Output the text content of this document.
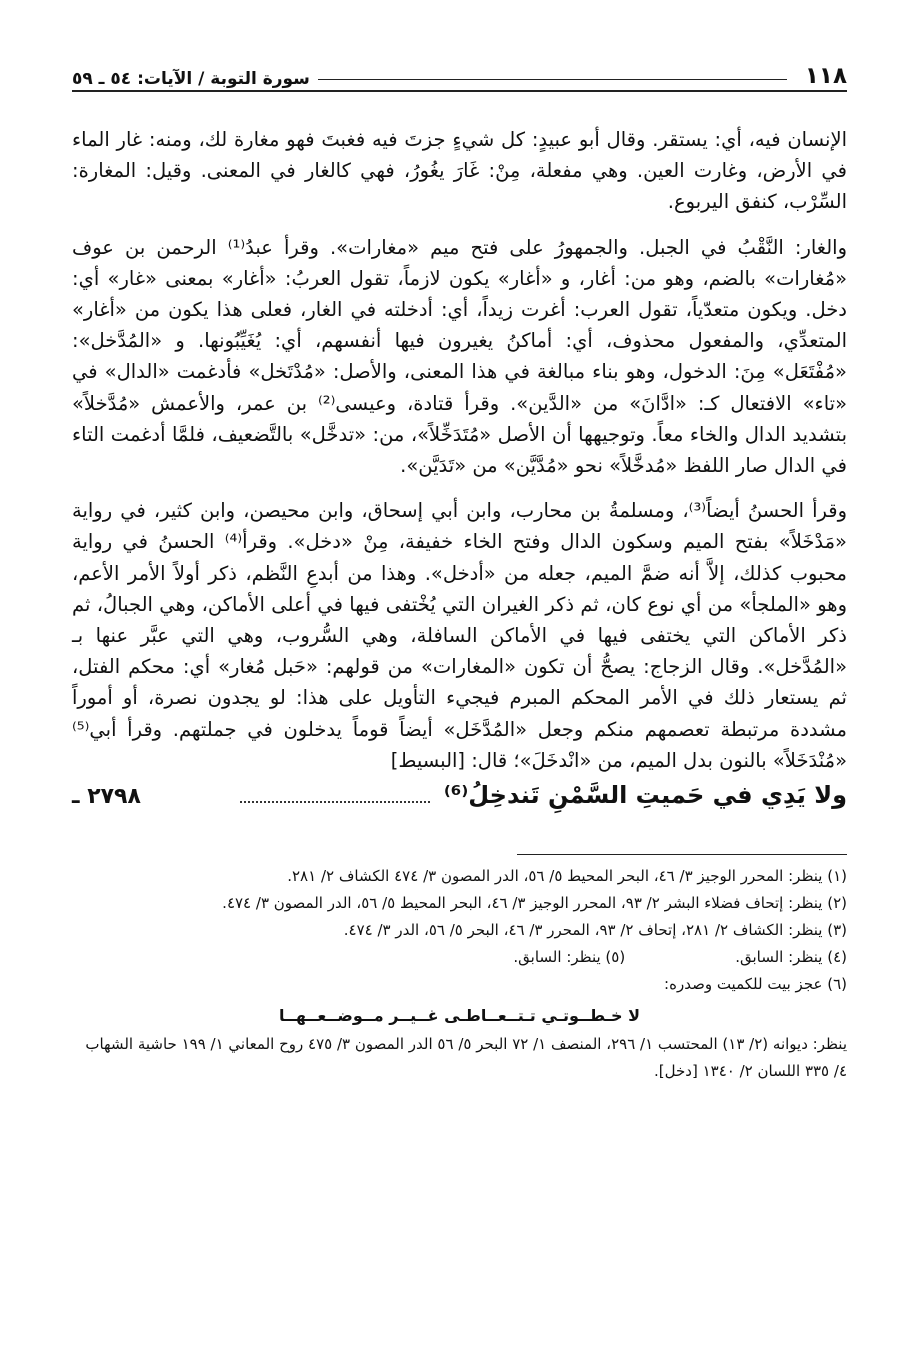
١١٨
سورة التوبة / الآيات: ٥٤ ـ ٥٩

الإنسان فيه، أي: يستقر. وقال أبو عبيدٍ: كل شيءٍ جزتَ فيه فغبتَ فهو مغارة لك، ومنه: غار الماء في الأرض، وغارت العين. وهي مفعلة، مِنْ: غَارَ يغُورُ، فهي كالغار في المعنى. وقيل: المغارة: السِّرْب، كنفق اليربوع.

والغار: النَّقْبُ في الجبل. والجمهورُ على فتح ميم «مغارات». وقرأ عبدُ⁽¹⁾ الرحمن بن عوف «مُغارات» بالضم، وهو من: أغار، و «أغار» يكون لازماً، تقول العربُ: «أغار» بمعنى «غار» أي: دخل. ويكون متعدّياً، تقول العرب: أغرت زيداً، أي: أدخلته في الغار، فعلى هذا يكون من «أغار» المتعدِّي، والمفعول محذوف، أي: أماكنُ يغيرون فيها أنفسهم، أي: يُغَيِّبُونها. و «المُدَّخل»: «مُفْتَعَل» مِنَ: الدخول، وهو بناء مبالغة في هذا المعنى، والأصل: «مُدْتَخل» فأدغمت «الدال» في «تاء» الافتعال كـ: «ادَّانَ» من «الدَّين». وقرأ قتادة، وعيسى⁽²⁾ بن عمر، والأعمش «مُدَّخلاً» بتشديد الدال والخاء معاً. وتوجيهها أن الأصل «مُتَدَخِّلاً»، من: «تدخَّل» بالتَّضعيف، فلمَّا أدغمت التاء في الدال صار اللفظ «مُدخَّلاً» نحو «مُدَّيَّن» من «تَدَيَّن».

وقرأ الحسنُ أيضاً⁽³⁾، ومسلمةُ بن محارب، وابن أبي إسحاق، وابن محيصن، وابن كثير، في رواية «مَدْخَلاً» بفتح الميم وسكون الدال وفتح الخاء خفيفة، مِنْ «دخل». وقرأ⁽⁴⁾ الحسنُ في رواية محبوب كذلك، إلاَّ أنه ضمَّ الميم، جعله من «أدخل». وهذا من أبدعِ النَّظم، ذكر أولاً الأمر الأعم، وهو «الملجأ» من أي نوع كان، ثم ذكر الغيران التي يُخْتفى فيها في أعلى الأماكن، وهي الجبالُ، ثم ذكر الأماكن التي يختفى فيها في الأماكن السافلة، وهي السُّروب، وهي التي عبَّر عنها بـ «المُدَّخل». وقال الزجاج: يصحُّ أن تكون «المغارات» من قولهم: «حَبل مُغار» أي: محكم الفتل، ثم يستعار ذلك في الأمر المحكم المبرم فيجيء التأويل على هذا: لو يجدون نصرة، أو أموراً مشددة مرتبطة تعصمهم منكم وجعل «المُدَّخَل» أيضاً قوماً يدخلون في جملتهم. وقرأ أبي⁽⁵⁾ «مُنْدَخَلاً» بالنون بدل الميم، من «انْدخَلَ»؛ قال: [البسيط]

ولا يَدِي في حَميتِ السَّمْنِ تَندخِلُ⁽⁶⁾
٢٧٩٨ ـ

(١) ينظر: المحرر الوجيز ٣/ ٤٦، البحر المحيط ٥/ ٥٦، الدر المصون ٣/ ٤٧٤ الكشاف ٢/ ٢٨١.

(٢) ينظر: إتحاف فضلاء البشر ٢/ ٩٣، المحرر الوجيز ٣/ ٤٦، البحر المحيط ٥/ ٥٦، الدر المصون ٣/ ٤٧٤.

(٣) ينظر: الكشاف ٢/ ٢٨١، إتحاف ٢/ ٩٣، المحرر ٣/ ٤٦، البحر ٥/ ٥٦، الدر ٣/ ٤٧٤.

(٤) ينظر: السابق.
(٥) ينظر: السابق.

(٦) عجز بيت للكميت وصدره:

لا خـطــوتـي تـتــعــاطـى غــيــر مــوضــعــهــا

ينظر: ديوانه (٢/ ١٣) المحتسب ١/ ٢٩٦، المنصف ١/ ٧٢ البحر ٥/ ٥٦ الدر المصون ٣/ ٤٧٥ روح المعاني ١/ ١٩٩ حاشية الشهاب ٤/ ٣٣٥ اللسان ٢/ ١٣٤٠ [دخل].
